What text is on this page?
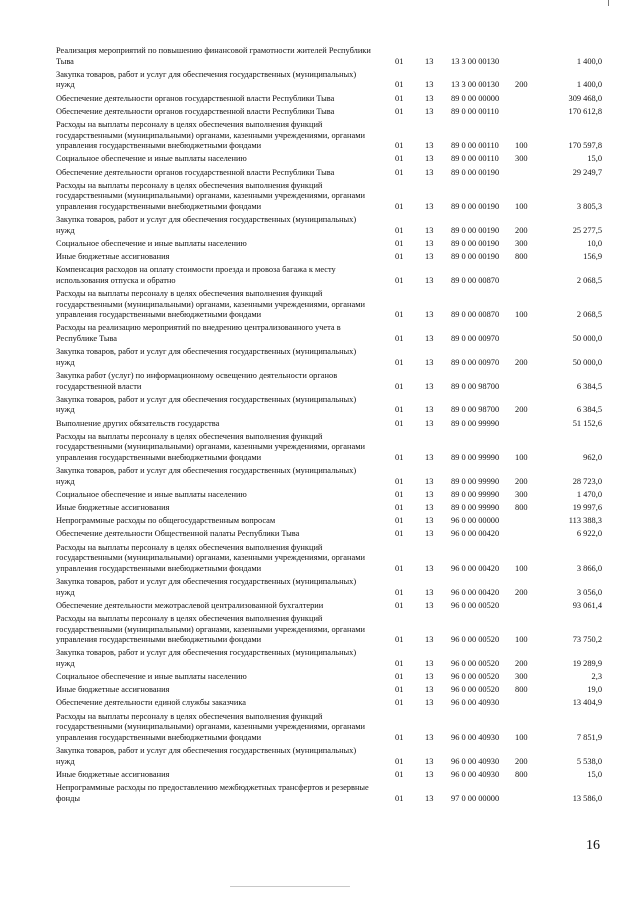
Реализация мероприятий по повышению финансовой грамотности жителей Республики Тыва	01	13 13 3 00 00130	1 400,0
Закупка товаров, работ и услуг для обеспечения государственных (муниципальных) нужд	01	13 13 3 00 00130 200	1 400,0
Обеспечение деятельности органов государственной власти Республики Тыва	01	13 89 0 00 00000	309 468,0
Обеспечение деятельности органов государственной власти Республики Тыва	01	13 89 0 00 00110	170 612,8
Расходы на выплаты персоналу в целях обеспечения выполнения функций государственными (муниципальными) органами, казенными учреждениями, органами управления государственными внебюджетными фондами	01	13 89 0 00 00110 100	170 597,8
Социальное обеспечение и иные выплаты населению	01	13 89 0 00 00110 300	15,0
Обеспечение деятельности органов государственной власти Республики Тыва	01	13 89 0 00 00190	29 249,7
Расходы на выплаты персоналу в целях обеспечения выполнения функций государственными (муниципальными) органами, казенными учреждениями, органами управления государственными внебюджетными фондами	01	13 89 0 00 00190 100	3 805,3
Закупка товаров, работ и услуг для обеспечения государственных (муниципальных) нужд	01	13 89 0 00 00190 200	25 277,5
Социальное обеспечение и иные выплаты населению	01	13 89 0 00 00190 300	10,0
Иные бюджетные ассигнования	01	13 89 0 00 00190 800	156,9
Компенсация расходов на оплату стоимости проезда и провоза багажа к месту использования отпуска и обратно	01	13 89 0 00 00870	2 068,5
Расходы на выплаты персоналу в целях обеспечения выполнения функций государственными (муниципальными) органами, казенными учреждениями, органами управления государственными внебюджетными фондами	01	13 89 0 00 00870 100	2 068,5
Расходы на реализацию мероприятий по внедрению централизованного учета в Республике Тыва	01	13 89 0 00 00970	50 000,0
Закупка товаров, работ и услуг для обеспечения государственных (муниципальных) нужд	01	13 89 0 00 00970 200	50 000,0
Закупка работ (услуг) по информационному освещению деятельности органов государственной власти	01	13 89 0 00 98700	6 384,5
Закупка товаров, работ и услуг для обеспечения государственных (муниципальных) нужд	01	13 89 0 00 98700 200	6 384,5
Выполнение других обязательств государства	01	13 89 0 00 99990	51 152,6
Расходы на выплаты персоналу в целях обеспечения выполнения функций государственными (муниципальными) органами, казенными учреждениями, органами управления государственными внебюджетными фондами	01	13 89 0 00 99990 100	962,0
Закупка товаров, работ и услуг для обеспечения государственных (муниципальных) нужд	01	13 89 0 00 99990 200	28 723,0
Социальное обеспечение и иные выплаты населению	01	13 89 0 00 99990 300	1 470,0
Иные бюджетные ассигнования	01	13 89 0 00 99990 800	19 997,6
Непрограммные расходы по общегосударственным вопросам	01	13 96 0 00 00000	113 388,3
Обеспечение деятельности Общественной палаты Республики Тыва	01	13 96 0 00 00420	6 922,0
Расходы на выплаты персоналу в целях обеспечения выполнения функций государственными (муниципальными) органами, казенными учреждениями, органами управления государственными внебюджетными фондами	01	13 96 0 00 00420 100	3 866,0
Закупка товаров, работ и услуг для обеспечения государственных (муниципальных) нужд	01	13 96 0 00 00420 200	3 056,0
Обеспечение деятельности межотраслевой централизованной бухгалтерии	01	13 96 0 00 00520	93 061,4
Расходы на выплаты персоналу в целях обеспечения выполнения функций государственными (муниципальными) органами, казенными учреждениями, органами управления государственными внебюджетными фондами	01	13 96 0 00 00520 100	73 750,2
Закупка товаров, работ и услуг для обеспечения государственных (муниципальных) нужд	01	13 96 0 00 00520 200	19 289,9
Социальное обеспечение и иные выплаты населению	01	13 96 0 00 00520 300	2,3
Иные бюджетные ассигнования	01	13 96 0 00 00520 800	19,0
Обеспечение деятельности единой службы заказчика	01	13 96 0 00 40930	13 404,9
Расходы на выплаты персоналу в целях обеспечения выполнения функций государственными (муниципальными) органами, казенными учреждениями, органами управления государственными внебюджетными фондами	01	13 96 0 00 40930 100	7 851,9
Закупка товаров, работ и услуг для обеспечения государственных (муниципальных) нужд	01	13 96 0 00 40930 200	5 538,0
Иные бюджетные ассигнования	01	13 96 0 00 40930 800	15,0
Непрограммные расходы по предоставлению межбюджетных трансфертов и резервные фонды	01	13 97 0 00 00000	13 586,0
16
